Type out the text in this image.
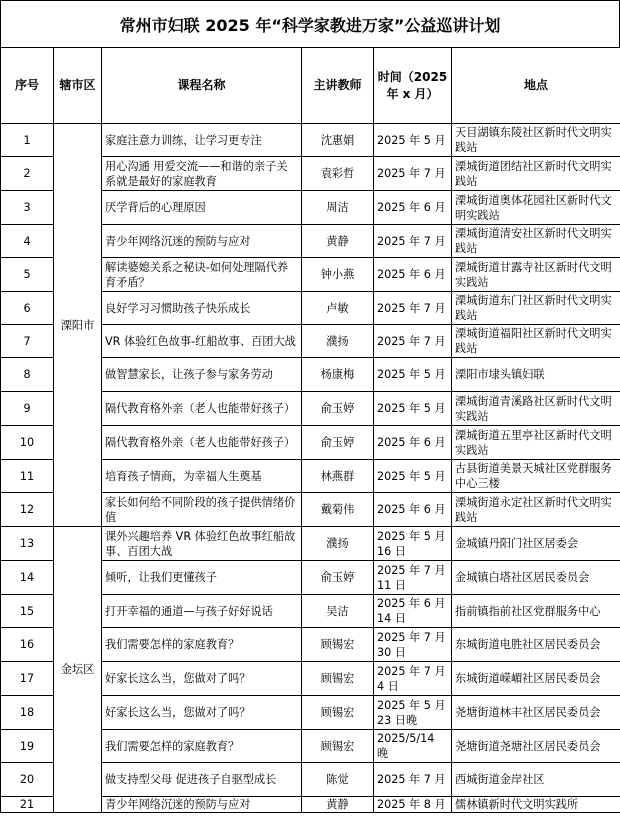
常州市妇联 2025 年“科学家教进万家”公益巡讲计划
序号	辖市区	课程名称	主讲教师	时间（2025 年 x 月）	地点
1	溧阳市	家庭注意力训练，让学习更专注	沈惠娟	2025 年 5 月	天目湖镇东陵社区新时代文明实践站
2		用心沟通 用爱交流——和谐的亲子关系就是最好的家庭教育	袁彩哲	2025 年 7 月	溧城街道团结社区新时代文明实践站
3		厌学背后的心理原因	周洁	2025 年 6 月	溧城街道奥体花园社区新时代文明实践站
4		青少年网络沉迷的预防与应对	黄静	2025 年 7 月	溧城街道清安社区新时代文明实践站
5		解读婆媳关系之秘诀-如何处理隔代养育矛盾？	钟小燕	2025 年 6 月	溧城街道甘露寺社区新时代文明实践站
6		良好学习习惯助孩子快乐成长	卢敏	2025 年 7 月	溧城街道东门社区新时代文明实践站
7		VR 体验红色故事-红船故事、百团大战	濮扬	2025 年 7 月	溧城街道福阳社区新时代文明实践站
8		做智慧家长，让孩子参与家务劳动	杨康梅	2025 年 5 月	溧阳市埭头镇妇联
9		隔代教育格外亲（老人也能带好孩子）	俞玉婷	2025 年 5 月	溧城街道青溪路社区新时代文明实践站
10		隔代教育格外亲（老人也能带好孩子）	俞玉婷	2025 年 6 月	溧城街道五里亭社区新时代文明实践站
11		培育孩子情商，为幸福人生奠基	林燕群	2025 年 5 月	古县街道美景天城社区党群服务中心三楼
12		家长如何给不同阶段的孩子提供情绪价值	戴菊伟	2025 年 6 月	溧城街道永定社区新时代文明实践站
13	金坛区	课外兴趣培养 VR 体验红色故事红船故事、百团大战	濮扬	2025 年 5 月 16 日	金城镇丹阳门社区居委会
14		倾听，让我们更懂孩子	俞玉婷	2025 年 7 月 11 日	金城镇白塔社区居民委员会
15		打开幸福的通道—与孩子好好说话	吴洁	2025 年 6 月 14 日	指前镇指前社区党群服务中心
16		我们需要怎样的家庭教育？	顾锡宏	2025 年 7 月 30 日	东城街道电胜社区居民委员会
17		好家长这么当，您做对了吗？	顾锡宏	2025 年 7 月 4 日	东城街道嵘嵋社区居民委员会
18		好家长这么当，您做对了吗？	顾锡宏	2025 年 5 月 23 日晚	尧塘街道林丰社区居民委员会
19		我们需要怎样的家庭教育？	顾锡宏	2025/5/14 晚	尧塘街道尧塘社区居民委员会
20		做支持型父母 促进孩子自驱型成长	陈觉	2025 年 7 月	西城街道金岸社区
21		青少年网络沉迷的预防与应对	黄静	2025 年 8 月	儒林镇新时代文明实践所
